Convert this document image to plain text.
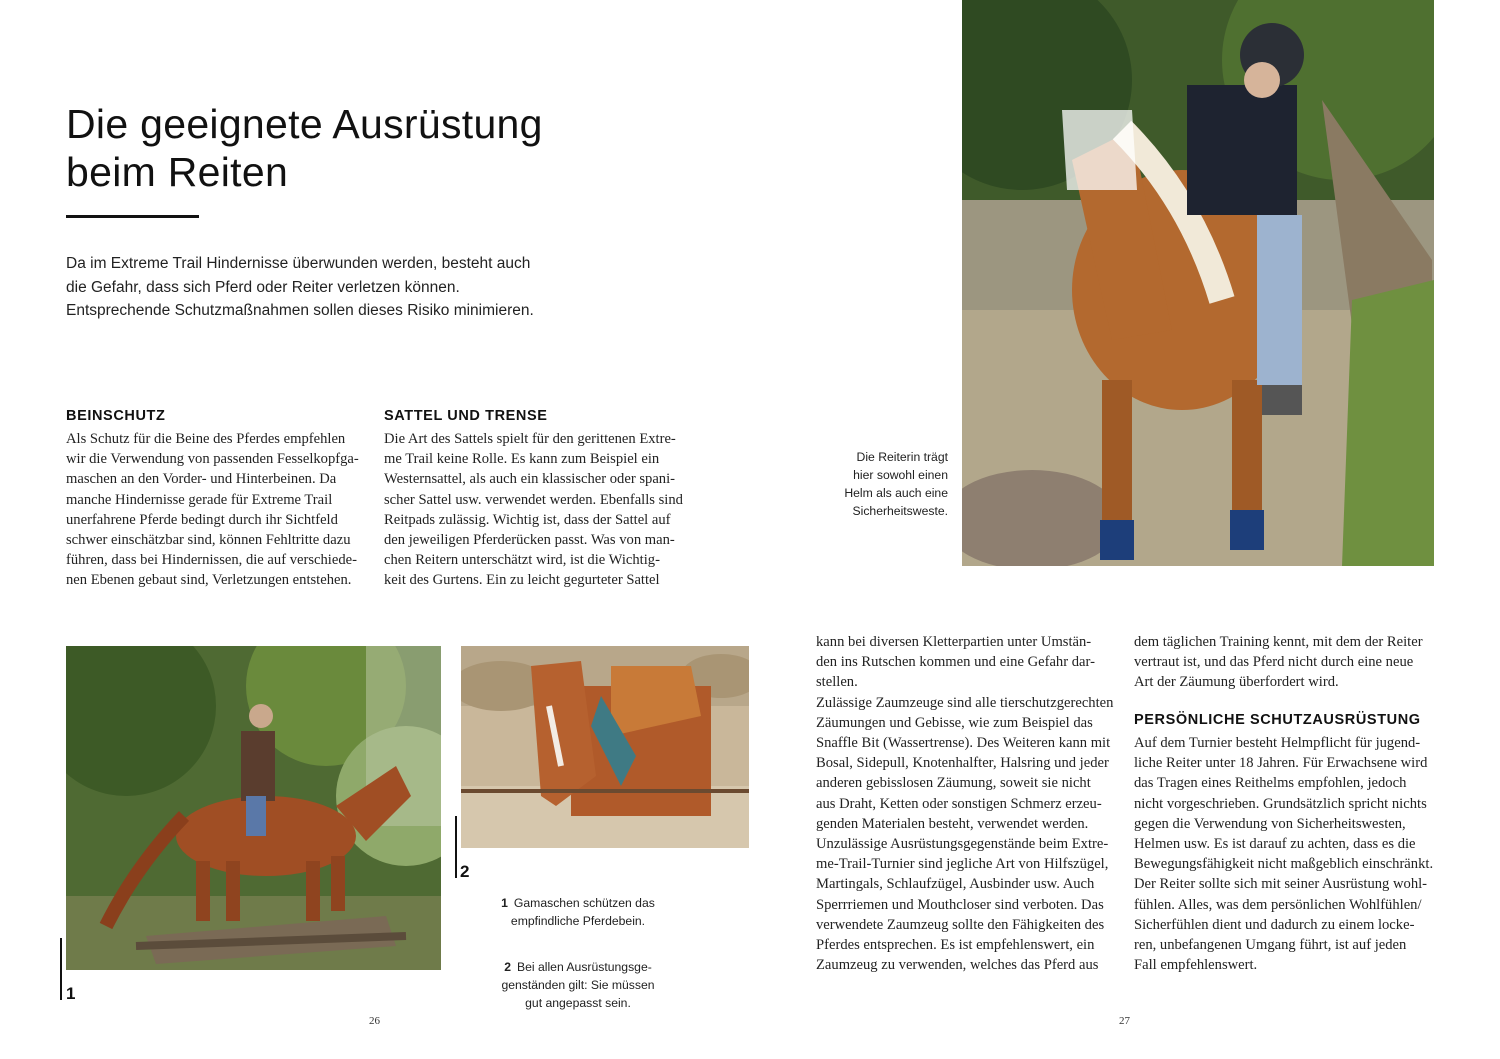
Die geeignete Ausrüstung
beim Reiten

Da im Extreme Trail Hindernisse überwunden werden, besteht auch die Gefahr, dass sich Pferd oder Reiter verletzen können. Entsprechende Schutzmaßnahmen sollen dieses Risiko minimieren.

BEINSCHUTZ

Als Schutz für die Beine des Pferdes empfehlen
wir die Verwendung von passenden Fesselkopfga-
maschen an den Vorder- und Hinterbeinen. Da
manche Hindernisse gerade für Extreme Trail
unerfahrene Pferde bedingt durch ihr Sichtfeld
schwer einschätzbar sind, können Fehltritte dazu
führen, dass bei Hindernissen, die auf verschiede-
nen Ebenen gebaut sind, Verletzungen entstehen.

SATTEL UND TRENSE

Die Art des Sattels spielt für den gerittenen Extre-
me Trail keine Rolle. Es kann zum Beispiel ein
Westernsattel, als auch ein klassischer oder spani-
scher Sattel usw. verwendet werden. Ebenfalls sind
Reitpads zulässig. Wichtig ist, dass der Sattel auf
den jeweiligen Pferderücken passt. Was von man-
chen Reitern unterschätzt wird, ist die Wichtig-
keit des Gurtens. Ein zu leicht gegurteter Sattel

1
2

1 Gamaschen schützen das
empfindliche Pferdebein.

2 Bei allen Ausrüstungsge-
genständen gilt: Sie müssen
gut angepasst sein.

26

Die Reiterin trägt
hier sowohl einen
Helm als auch eine
Sicherheitsweste.

kann bei diversen Kletterpartien unter Umstän-
den ins Rutschen kommen und eine Gefahr dar-
stellen.
Zulässige Zaumzeuge sind alle tierschutzgerechten
Zäumungen und Gebisse, wie zum Beispiel das
Snaffle Bit (Wassertrense). Des Weiteren kann mit
Bosal, Sidepull, Knotenhalfter, Halsring und jeder
anderen gebisslosen Zäumung, soweit sie nicht
aus Draht, Ketten oder sonstigen Schmerz erzeu-
genden Materialen besteht, verwendet werden.
Unzulässige Ausrüstungsgegenstände beim Extre-
me-Trail-Turnier sind jegliche Art von Hilfszügel,
Martingals, Schlaufzügel, Ausbinder usw. Auch
Sperrriemen und Mouthcloser sind verboten. Das
verwendete Zaumzeug sollte den Fähigkeiten des
Pferdes entsprechen. Es ist empfehlenswert, ein
Zaumzeug zu verwenden, welches das Pferd aus

dem täglichen Training kennt, mit dem der Reiter
vertraut ist, und das Pferd nicht durch eine neue
Art der Zäumung überfordert wird.

PERSÖNLICHE SCHUTZAUSRÜSTUNG

Auf dem Turnier besteht Helmpflicht für jugend-
liche Reiter unter 18 Jahren. Für Erwachsene wird
das Tragen eines Reithelms empfohlen, jedoch
nicht vorgeschrieben. Grundsätzlich spricht nichts
gegen die Verwendung von Sicherheitswesten,
Helmen usw. Es ist darauf zu achten, dass es die
Bewegungsfähigkeit nicht maßgeblich einschränkt.
Der Reiter sollte sich mit seiner Ausrüstung wohl-
fühlen. Alles, was dem persönlichen Wohlfühlen/
Sicherfühlen dient und dadurch zu einem locke-
ren, unbefangenen Umgang führt, ist auf jeden
Fall empfehlenswert.

27
